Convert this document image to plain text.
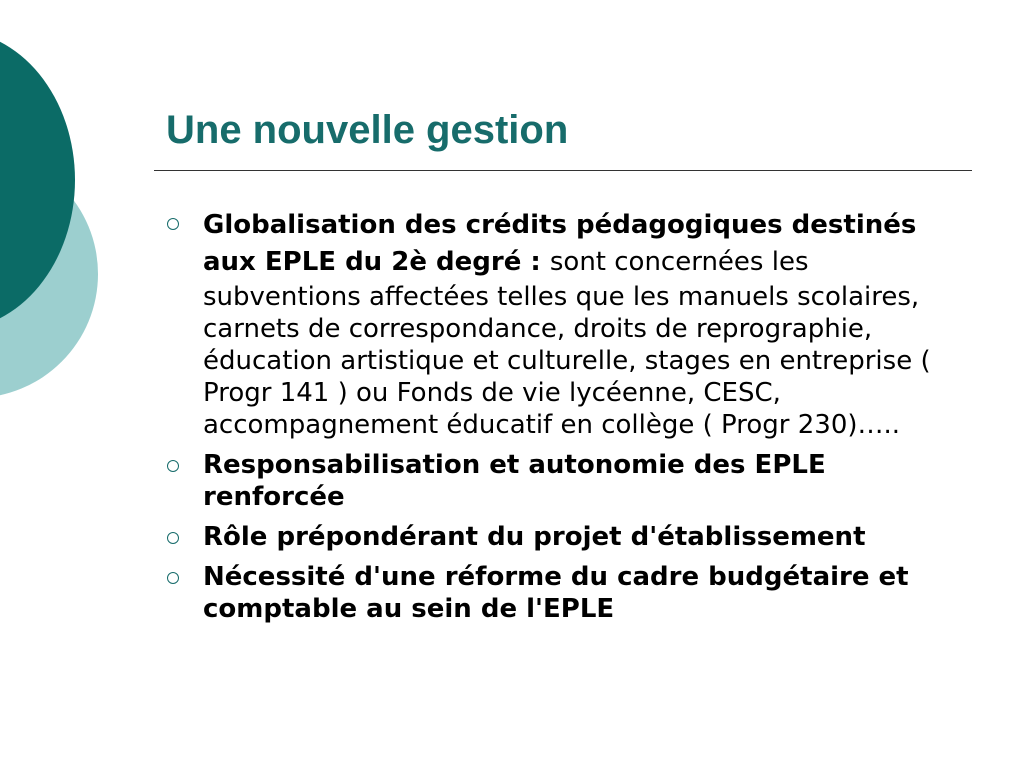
Une nouvelle gestion
Globalisation des crédits pédagogiques destinés aux EPLE du 2è degré : sont concernées les subventions affectées telles que les manuels scolaires, carnets de correspondance, droits de reprographie, éducation artistique et culturelle, stages en entreprise ( Progr 141 ) ou Fonds de vie lycéenne, CESC, accompagnement éducatif en collège ( Progr 230)…..
Responsabilisation et autonomie des EPLE renforcée
Rôle prépondérant du projet d'établissement
Nécessité d'une réforme du cadre budgétaire et comptable au sein de l'EPLE
